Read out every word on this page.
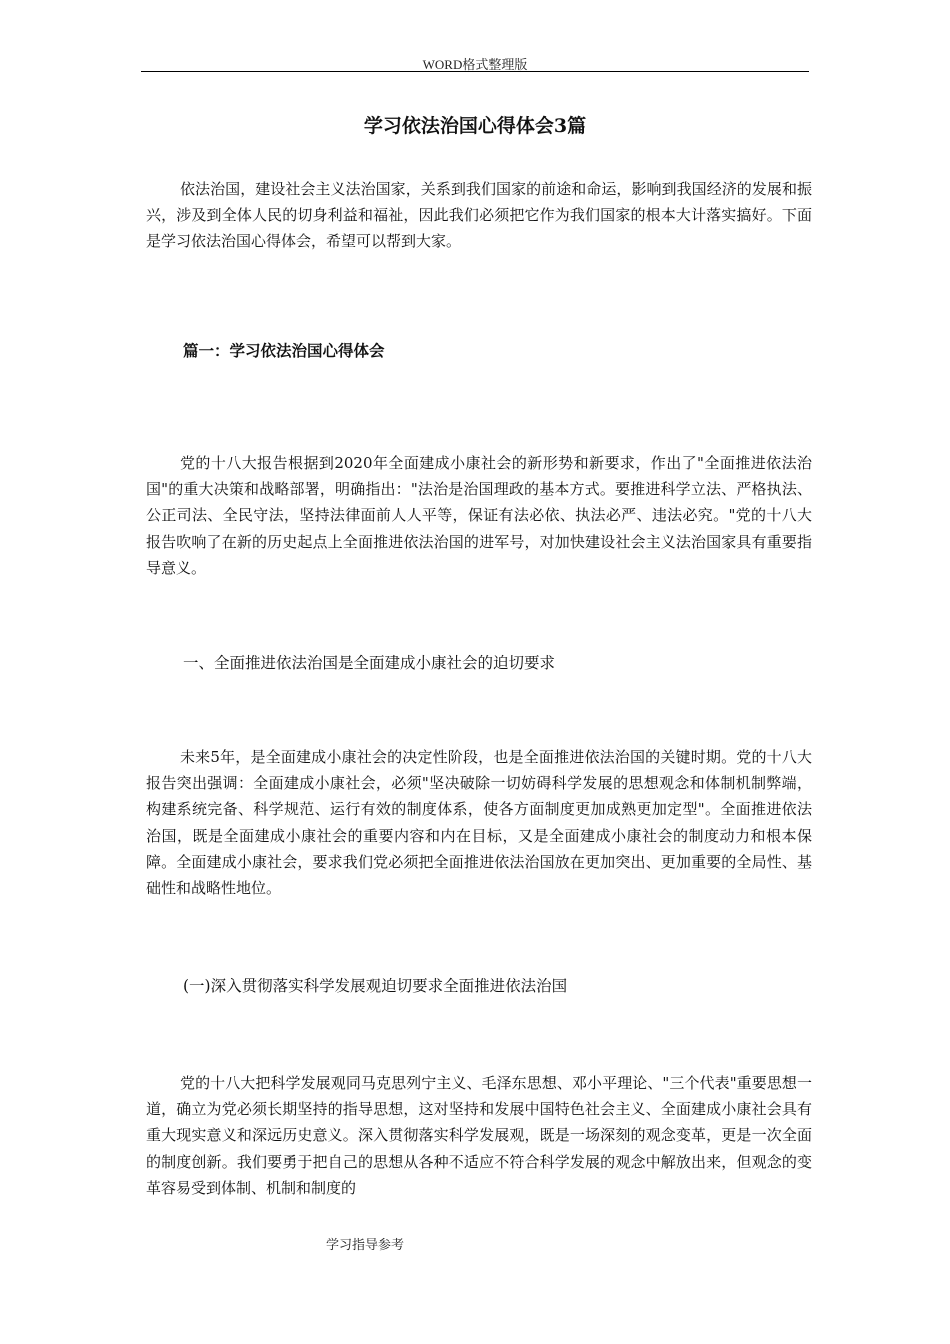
WORD格式整理版
学习依法治国心得体会3篇

依法治国，建设社会主义法治国家，关系到我们国家的前途和命运，影响到我国经济的发展和振兴，涉及到全体人民的切身利益和福祉，因此我们必须把它作为我们国家的根本大计落实搞好。下面是学习依法治国心得体会，希望可以帮到大家。

篇一：学习依法治国心得体会

党的十八大报告根据到2020年全面建成小康社会的新形势和新要求，作出了"全面推进依法治国"的重大决策和战略部署，明确指出："法治是治国理政的基本方式。要推进科学立法、严格执法、公正司法、全民守法，坚持法律面前人人平等，保证有法必依、执法必严、违法必究。"党的十八大报告吹响了在新的历史起点上全面推进依法治国的进军号，对加快建设社会主义法治国家具有重要指导意义。

一、全面推进依法治国是全面建成小康社会的迫切要求

未来5年，是全面建成小康社会的决定性阶段，也是全面推进依法治国的关键时期。党的十八大报告突出强调：全面建成小康社会，必须"坚决破除一切妨碍科学发展的思想观念和体制机制弊端，构建系统完备、科学规范、运行有效的制度体系，使各方面制度更加成熟更加定型"。全面推进依法治国，既是全面建成小康社会的重要内容和内在目标，又是全面建成小康社会的制度动力和根本保障。全面建成小康社会，要求我们党必须把全面推进依法治国放在更加突出、更加重要的全局性、基础性和战略性地位。

(一)深入贯彻落实科学发展观迫切要求全面推进依法治国

党的十八大把科学发展观同马克思列宁主义、毛泽东思想、邓小平理论、"三个代表"重要思想一道，确立为党必须长期坚持的指导思想，这对坚持和发展中国特色社会主义、全面建成小康社会具有重大现实意义和深远历史意义。深入贯彻落实科学发展观，既是一场深刻的观念变革，更是一次全面的制度创新。我们要勇于把自己的思想从各种不适应不符合科学发展的观念中解放出来，但观念的变革容易受到体制、机制和制度的

学习指导参考
